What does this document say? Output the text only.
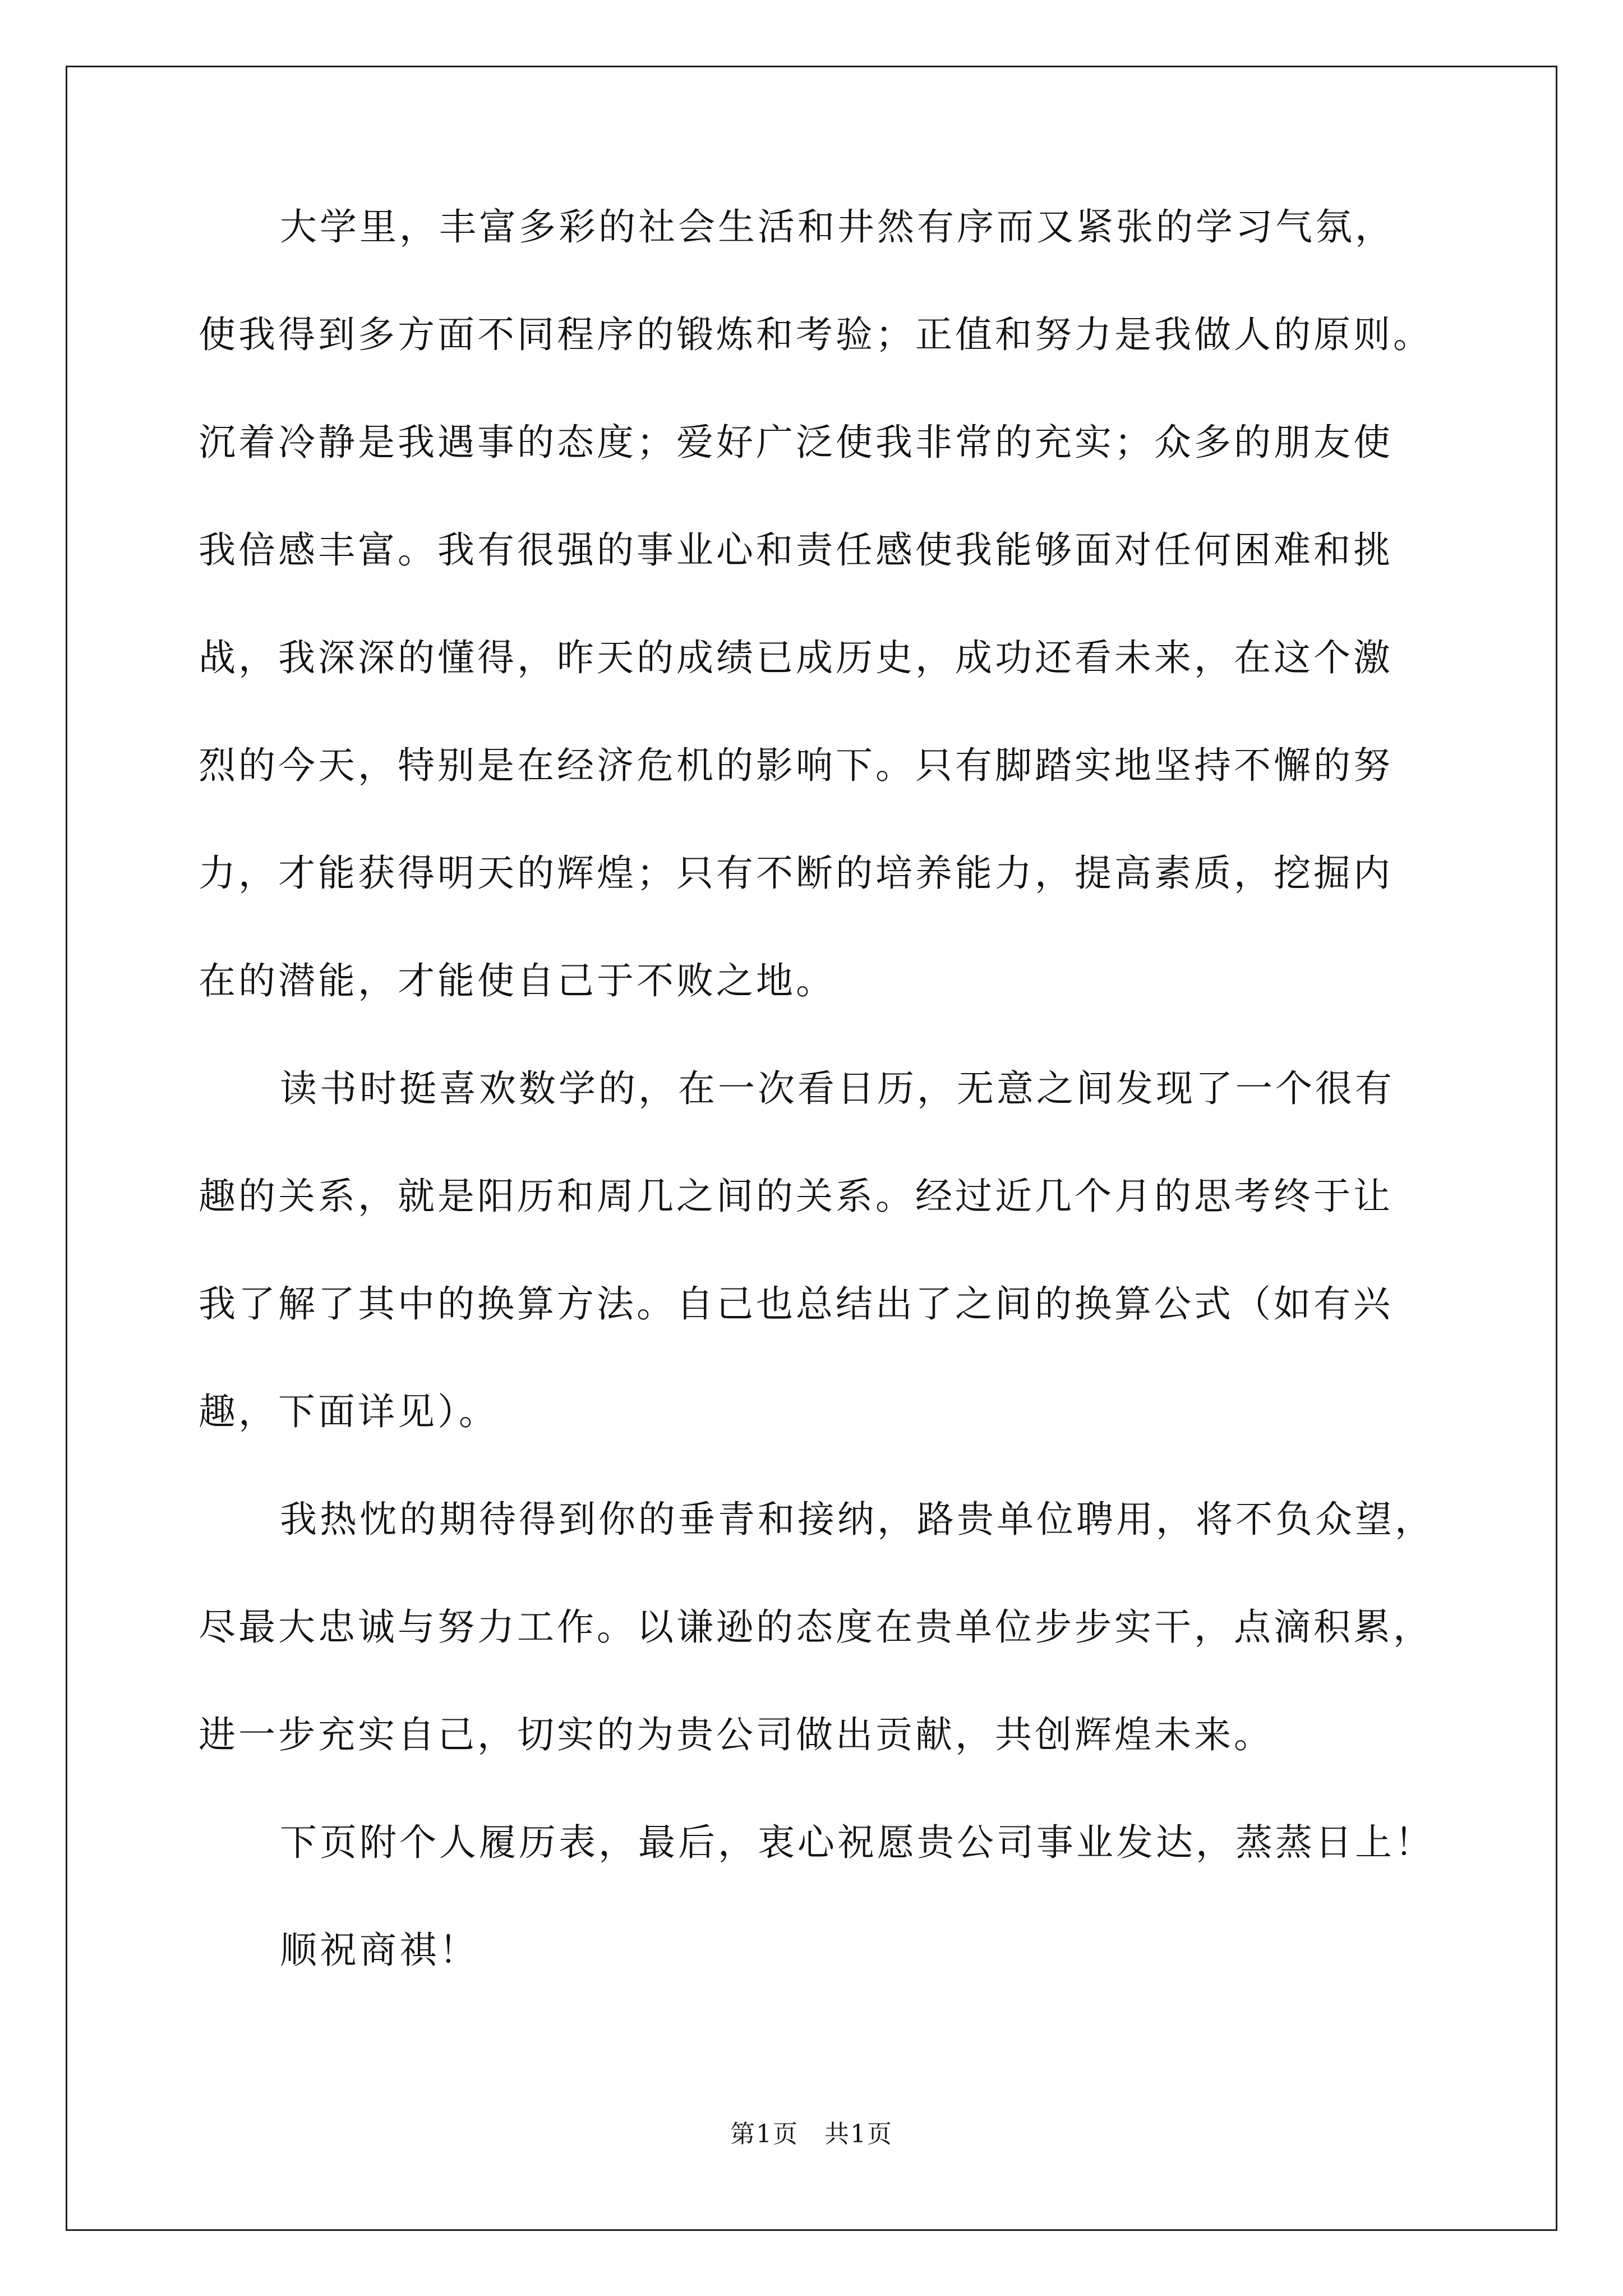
大学里，丰富多彩的社会生活和井然有序而又紧张的学习气氛，
使我得到多方面不同程序的锻炼和考验；正值和努力是我做人的原则。
沉着冷静是我遇事的态度；爱好广泛使我非常的充实；众多的朋友使
我倍感丰富。我有很强的事业心和责任感使我能够面对任何困难和挑
战，我深深的懂得，昨天的成绩已成历史，成功还看未来，在这个激
烈的今天，特别是在经济危机的影响下。只有脚踏实地坚持不懈的努
力，才能获得明天的辉煌；只有不断的培养能力，提高素质，挖掘内
在的潜能，才能使自己于不败之地。
读书时挺喜欢数学的，在一次看日历，无意之间发现了一个很有
趣的关系，就是阳历和周几之间的关系。经过近几个月的思考终于让
我了解了其中的换算方法。自己也总结出了之间的换算公式（如有兴
趣，下面详见）。
我热忱的期待得到你的垂青和接纳，路贵单位聘用，将不负众望，
尽最大忠诚与努力工作。以谦逊的态度在贵单位步步实干，点滴积累，
进一步充实自己，切实的为贵公司做出贡献，共创辉煌未来。
下页附个人履历表，最后，衷心祝愿贵公司事业发达，蒸蒸日上！
顺祝商祺！
第1页　共1页
